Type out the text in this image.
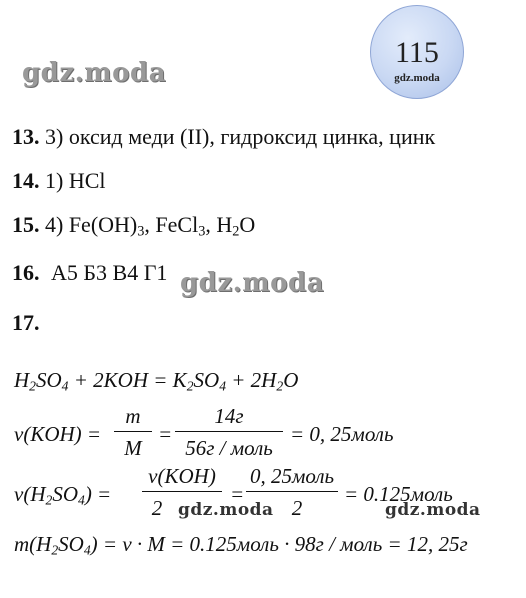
gdz.moda
115
gdz.moda
13. 3) оксид меди (II), гидроксид цинка, цинк
14. 1) HCl
15. 4) $Fe(OH)_3$, FeCl$_3$, $H_2O$
16. А5 Б3 В4 Г1 gdz.moda
17.
$H_2SO_4 + 2KOH = K_2SO_4 + 2H_2O$
ν(KOH) =
m
M
=
14г
56г / моль
= 0, 25моль
$\nu(H_2SO_4)$ =
ν(KOH)
2
=
0, 25моль
2
= 0.125моль
gdz.moda	gdz.moda
$m(H_2SO_4) = \nu \cdot M$ = 0.125моль · 98г / моль = 12, 25г
